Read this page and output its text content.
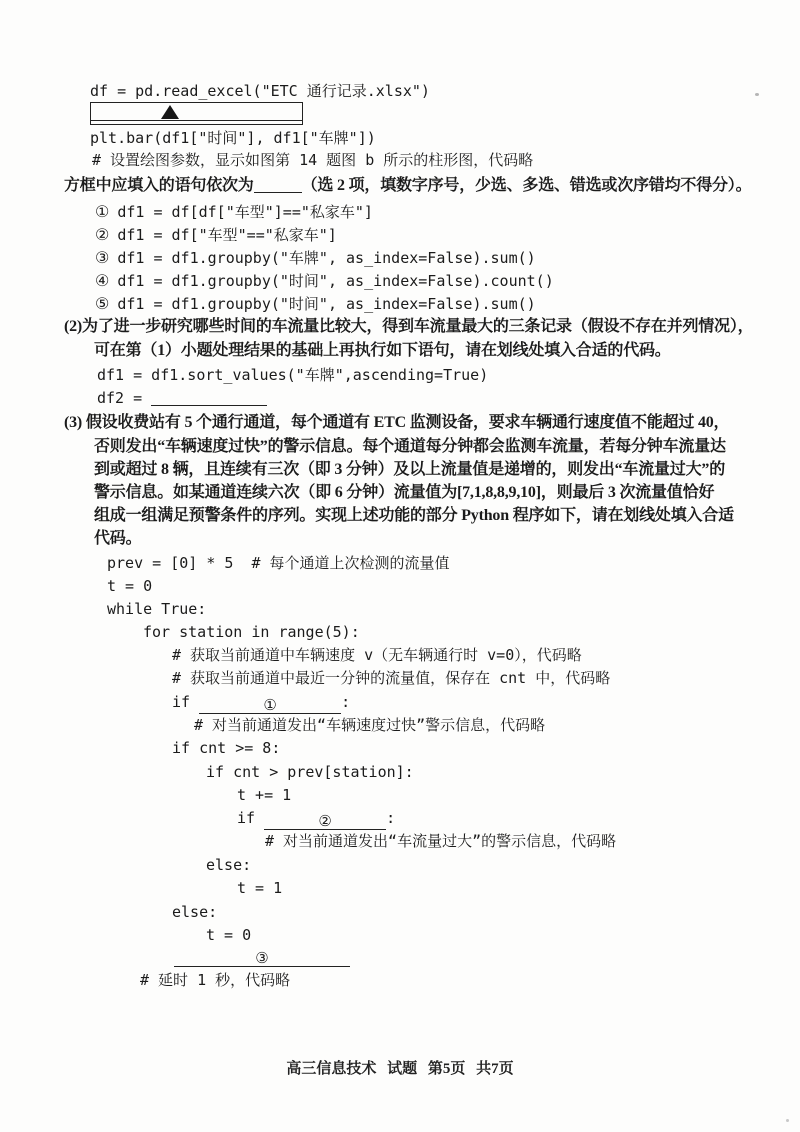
df = pd.read_excel("ETC 通行记录.xlsx")
plt.bar(df1["时间"], df1["车牌"])
# 设置绘图参数，显示如图第 14 题图 b 所示的柱形图，代码略
方框中应填入的语句依次为	（选 2 项，填数字序号，少选、多选、错选或次序错均不得分）。
① df1 = df[df["车型"]=="私家车"]
② df1 = df["车型"=="私家车"]
③ df1 = df1.groupby("车牌", as_index=False).sum()
④ df1 = df1.groupby("时间", as_index=False).count()
⑤ df1 = df1.groupby("时间", as_index=False).sum()
(2)为了进一步研究哪些时间的车流量比较大，得到车流量最大的三条记录（假设不存在并列情况），
可在第（1）小题处理结果的基础上再执行如下语句，请在划线处填入合适的代码。
df1 = df1.sort_values("车牌",ascending=True)
df2 =
(3) 假设收费站有 5 个通行通道，每个通道有 ETC 监测设备，要求车辆通行速度值不能超过 40，
否则发出“车辆速度过快”的警示信息。每个通道每分钟都会监测车流量，若每分钟车流量达
到或超过 8 辆，且连续有三次（即 3 分钟）及以上流量值是递增的，则发出“车流量过大”的
警示信息。如某通道连续六次（即 6 分钟）流量值为[7,1,8,8,9,10]，则最后 3 次流量值恰好
组成一组满足预警条件的序列。实现上述功能的部分 Python 程序如下，请在划线处填入合适
代码。
prev = [0] * 5  # 每个通道上次检测的流量值
t = 0
while True:
for station in range(5):
# 获取当前通道中车辆速度 v（无车辆通行时 v=0），代码略
# 获取当前通道中最近一分钟的流量值，保存在 cnt 中，代码略
if	①	:
# 对当前通道发出“车辆速度过快”警示信息，代码略
if cnt >= 8:
if cnt > prev[station]:
t += 1
if	②	:
# 对当前通道发出“车流量过大”的警示信息，代码略
else:
t = 1
else:
t = 0
③
# 延时 1 秒，代码略
高三信息技术 试题 第5页 共7页
